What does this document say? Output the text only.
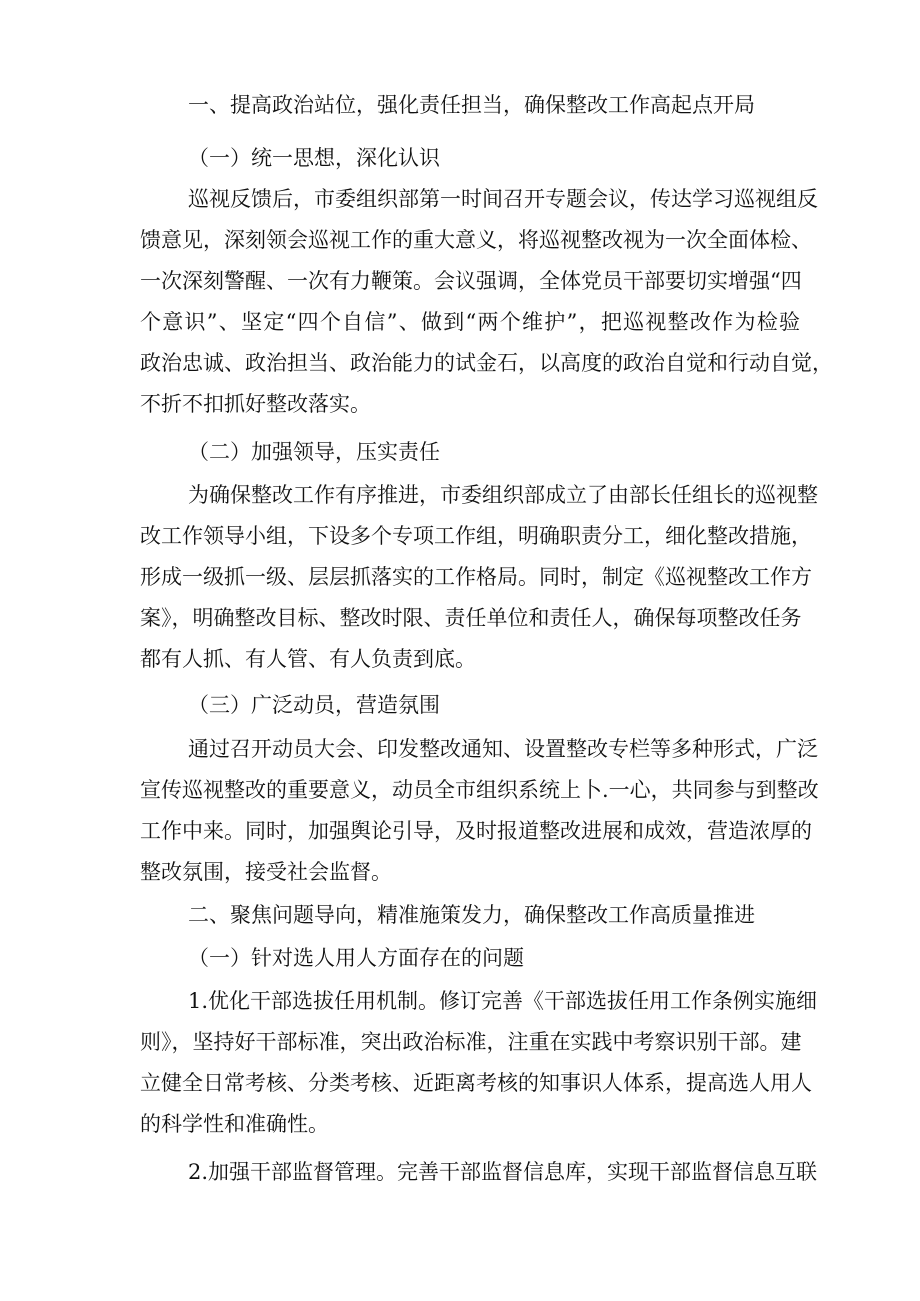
一、提高政治站位，强化责任担当，确保整改工作高起点开局
（一）统一思想，深化认识
巡视反馈后，市委组织部第一时间召开专题会议，传达学习巡视组反
馈意见，深刻领会巡视工作的重大意义，将巡视整改视为一次全面体检、
一次深刻警醒、一次有力鞭策。会议强调，全体党员干部要切实增强“四
个意识”、坚定“四个自信”、做到“两个维护”，把巡视整改作为检验
政治忠诚、政治担当、政治能力的试金石，以高度的政治自觉和行动自觉，
不折不扣抓好整改落实。
（二）加强领导，压实责任
为确保整改工作有序推进，市委组织部成立了由部长任组长的巡视整
改工作领导小组，下设多个专项工作组，明确职责分工，细化整改措施，
形成一级抓一级、层层抓落实的工作格局。同时，制定《巡视整改工作方
案》，明确整改目标、整改时限、责任单位和责任人，确保每项整改任务
都有人抓、有人管、有人负责到底。
（三）广泛动员，营造氛围
通过召开动员大会、印发整改通知、设置整改专栏等多种形式，广泛
宣传巡视整改的重要意义，动员全市组织系统上卜.一心，共同参与到整改
工作中来。同时，加强舆论引导，及时报道整改进展和成效，营造浓厚的
整改氛围，接受社会监督。
二、聚焦问题导向，精准施策发力，确保整改工作高质量推进
（一）针对选人用人方面存在的问题
1.优化干部选拔任用机制。修订完善《干部选拔任用工作条例实施细
则》，坚持好干部标准，突出政治标准，注重在实践中考察识别干部。建
立健全日常考核、分类考核、近距离考核的知事识人体系，提高选人用人
的科学性和准确性。
2.加强干部监督管理。完善干部监督信息库，实现干部监督信息互联
